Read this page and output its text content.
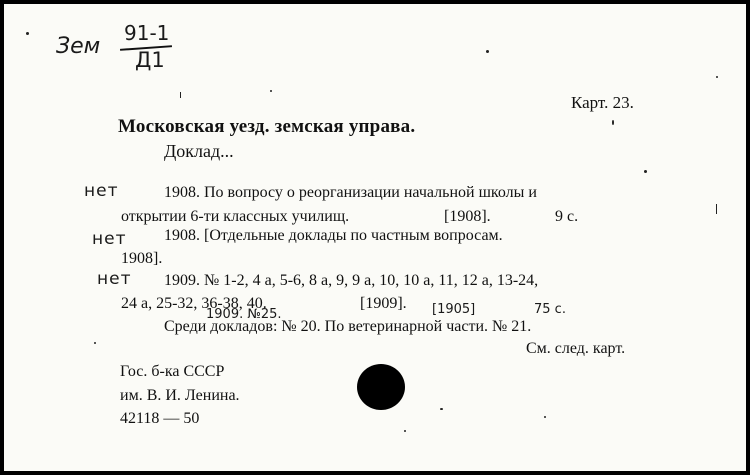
Зем
91-1
Д1
Карт. 23.
Московская уезд. земская управа.
Доклад...
нет	1908. По вопросу о реорганизации начальной школы и
открытии 6-ти классных училищ.	[1908].	9 с.
нет 1908. [Отдельные доклады по частным вопросам.
1908].
нет 1909. № 1-2, 4 а, 5-6, 8 а, 9, 9 а, 10, 10 а, 11, 12 а, 13-24,
24 а, 25-32, 36-38, 40.	[1909].
1909. №25.	[1905]	75 с.
Среди докладов: № 20. По ветеринарной части. № 21.
См. след. карт.
Гос. б-ка СССР
им. В. И. Ленина.
42118 — 50
